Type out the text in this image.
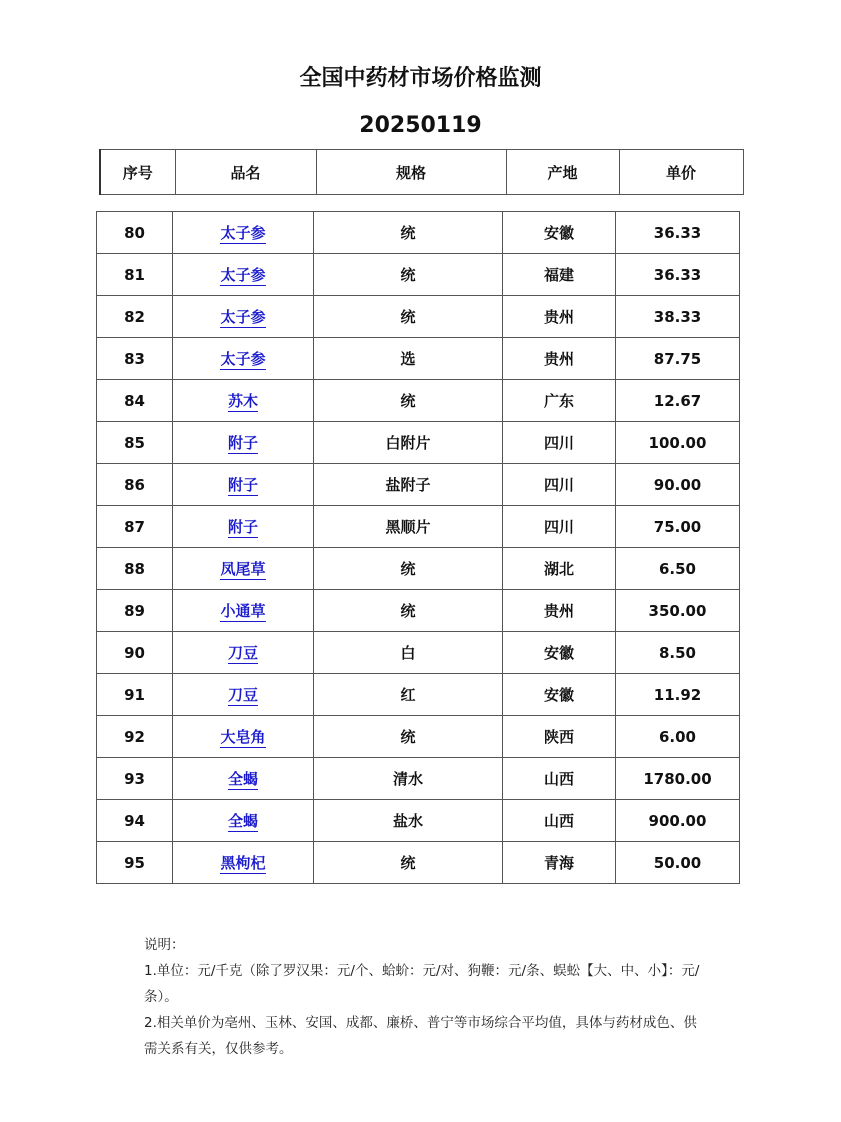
全国中药材市场价格监测
20250119
序号	品名	规格	产地	单价
80	太子参	统	安徽	36.33
81	太子参	统	福建	36.33
82	太子参	统	贵州	38.33
83	太子参	选	贵州	87.75
84	苏木	统	广东	12.67
85	附子	白附片	四川	100.00
86	附子	盐附子	四川	90.00
87	附子	黑顺片	四川	75.00
88	凤尾草	统	湖北	6.50
89	小通草	统	贵州	350.00
90	刀豆	白	安徽	8.50
91	刀豆	红	安徽	11.92
92	大皂角	统	陕西	6.00
93	全蝎	清水	山西	1780.00
94	全蝎	盐水	山西	900.00
95	黑枸杞	统	青海	50.00

说明：

1.单位：元/千克（除了罗汉果：元/个、蛤蚧：元/对、狗鞭：元/条、蜈蚣【大、中、小】：元/条）。

2.相关单价为亳州、玉林、安国、成都、廉桥、普宁等市场综合平均值，具体与药材成色、供需关系有关，仅供参考。
